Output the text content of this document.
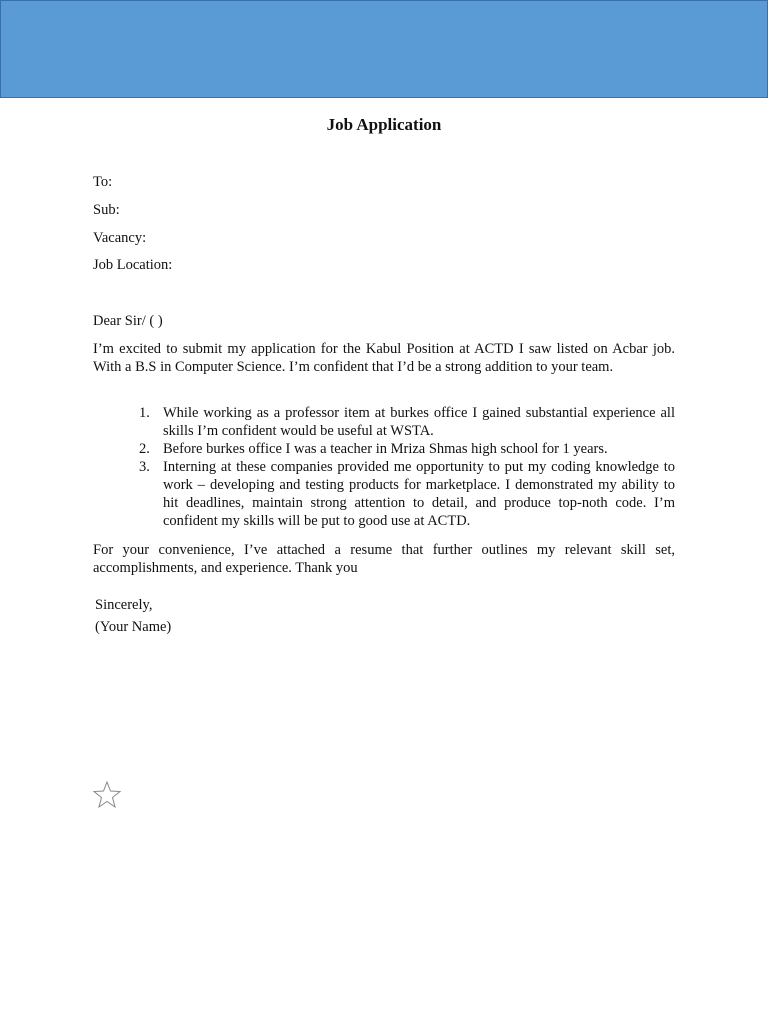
Job Application
To:
Sub:
Vacancy:
Job Location:
Dear Sir/ ( )

I’m excited to submit my application for the Kabul Position at ACTD I saw listed on Acbar job. With a B.S in Computer Science. I’m confident that I’d be a strong addition to your team.

1. While working as a professor item at burkes office I gained substantial experience all skills I’m confident would be useful at WSTA.
2. Before burkes office I was a teacher in Mriza Shmas high school for 1 years.
3. Interning at these companies provided me opportunity to put my coding knowledge to work – developing and testing products for marketplace. I demonstrated my ability to hit deadlines, maintain strong attention to detail, and produce top-noth code. I’m confident my skills will be put to good use at ACTD.

For your convenience, I’ve attached a resume that further outlines my relevant skill set, accomplishments, and experience. Thank you

Sincerely,
(Your Name)
